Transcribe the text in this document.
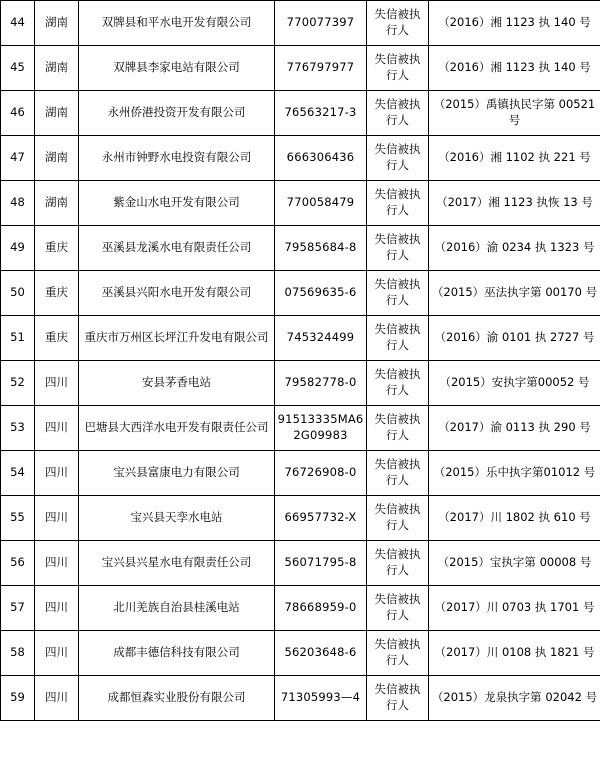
44	湖南	双牌县和平水电开发有限公司	770077397	失信被执行人	（2016）湘 1123 执 140 号
45	湖南	双牌县李家电站有限公司	776797977	失信被执行人	（2016）湘 1123 执 140 号
46	湖南	永州侨港投资开发有限公司	76563217-3	失信被执行人	（2015）禹镇执民字第 00521 号
47	湖南	永州市钟野水电投资有限公司	666306436	失信被执行人	（2016）湘 1102 执 221 号
48	湖南	紫金山水电开发有限公司	770058479	失信被执行人	（2017）湘 1123 执恢 13 号
49	重庆	巫溪县龙溪水电有限责任公司	79585684-8	失信被执行人	（2016）渝 0234 执 1323 号
50	重庆	巫溪县兴阳水电开发有限公司	07569635-6	失信被执行人	（2015）巫法执字第 00170 号
51	重庆	重庆市万州区长坪江升发电有限公司	745324499	失信被执行人	（2016）渝 0101 执 2727 号
52	四川	安县茅香电站	79582778-0	失信被执行人	（2015）安执字第00052 号
53	四川	巴塘县大西洋水电开发有限责任公司	91513335MA62G09983	失信被执行人	（2017）渝 0113 执 290 号
54	四川	宝兴县富康电力有限公司	76726908-0	失信被执行人	（2015）乐中执字第01012 号
55	四川	宝兴县天孪水电站	66957732-X	失信被执行人	（2017）川 1802 执 610 号
56	四川	宝兴县兴星水电有限责任公司	56071795-8	失信被执行人	（2015）宝执字第 00008 号
57	四川	北川羌族自治县桂溪电站	78668959-0	失信被执行人	（2017）川 0703 执 1701 号
58	四川	成都丰德信科技有限公司	56203648-6	失信被执行人	（2017）川 0108 执 1821 号
59	四川	成都恒森实业股份有限公司	71305993—4	失信被执行人	（2015）龙泉执字第 02042 号
